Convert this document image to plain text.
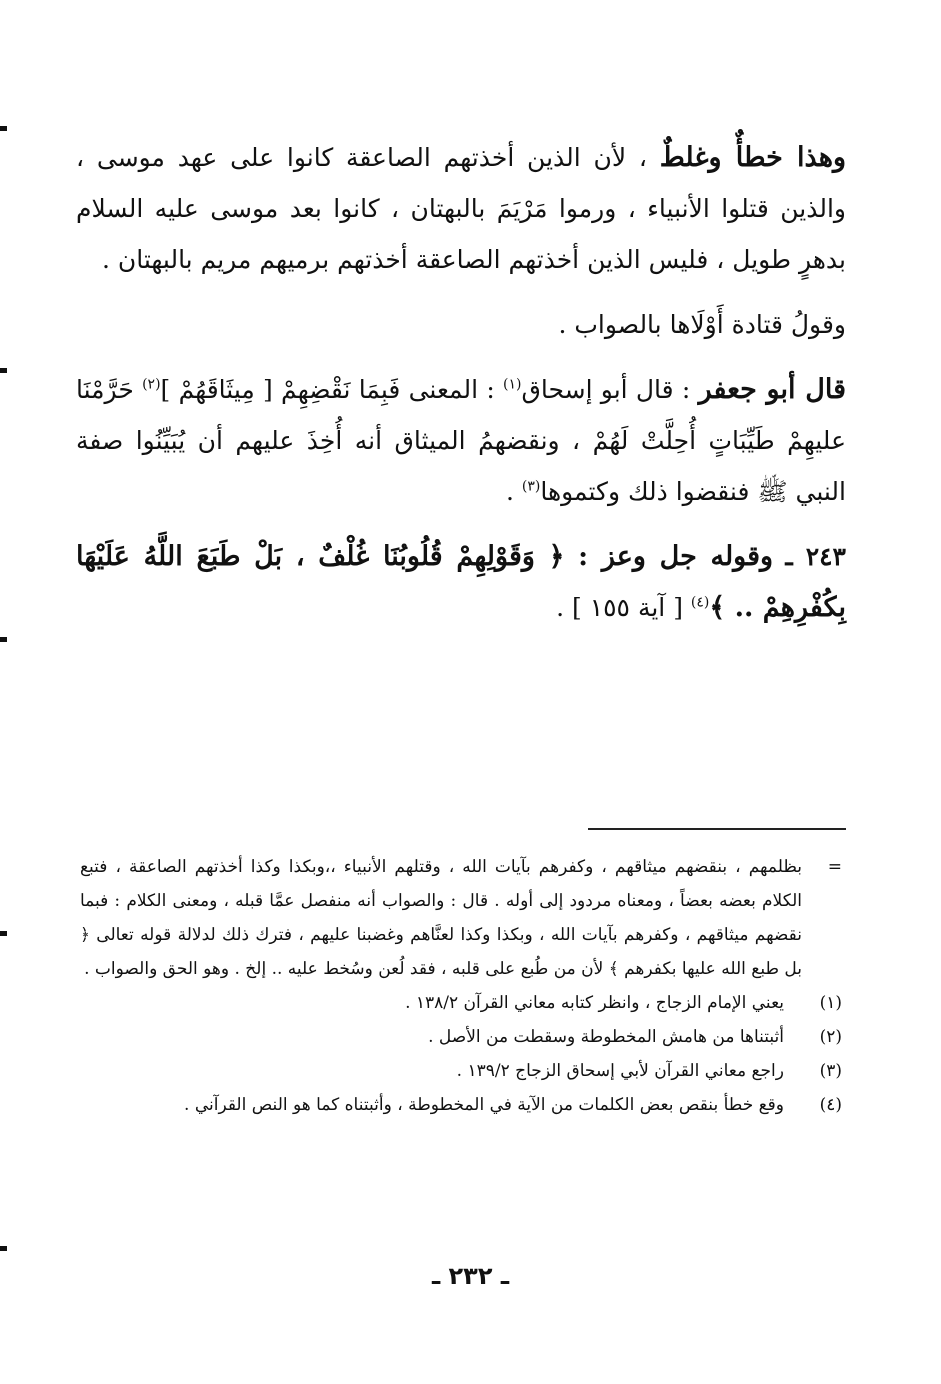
وهذا خطأٌ وغلطٌ ، لأن الذين أخذتهم الصاعقة كانوا على عهد موسى ، والذين قتلوا الأنبياء ، ورموا مَرْيَمَ بالبهتان ، كانوا بعد موسى عليه السلام بدهرٍ طويل ، فليس الذين أخذتهم الصاعقة أخذتهم برميهم مريم بالبهتان .

وقولُ قتادة أَوْلَاها بالصواب .

قال أبو جعفر : قال أبو إسحاق$^{(١)}$ : المعنى فَبِمَا نَقْضِهِمْ [ مِيثَاقَهُمْ ]$^{(٢)}$ حَرَّمْنَا عليهِمْ طَيِّبَاتٍ أُحِلَّتْ لَهُمْ ، ونقضهمُ الميثاق أنه أُخِذَ عليهم أن يُبَيِّنُوا صفة النبي ﷺ فنقضوا ذلك وكتموها$^{(٣)}$ .

٢٤٣ ـ وقوله جل وعز : ﴿ وَقَوْلِهِمْ قُلُوبُنَا غُلْفٌ ، بَلْ طَبَعَ اللَّهُ عَلَيْهَا بِكُفْرِهِمْ .. ﴾$^{(٤)}$ [ آية ١٥٥ ] .

=
بظلمهم ، بنقضهم ميثاقهم ، وكفرهم بآيات الله ، وقتلهم الأنبياء ،،وبكذا وكذا أخذتهم الصاعقة ، فتبع الكلام بعضه بعضاً ، ومعناه مردود إلى أوله . قال : والصواب أنه منفصل عمَّا قبله ، ومعنى الكلام : فبما نقضهم ميثاقهم ، وكفرهم بآيات الله ، وبكذا وكذا لعنَّاهم وغضبنا عليهم ، فترك ذلك لدلالة قوله تعالى ﴿ بل طبع الله عليها بكفرهم ﴾ لأن من طُبع على قلبه ، فقد لُعن وسُخط عليه .. إلخ . وهو الحق والصواب .
(١)
يعني الإمام الزجاج ، وانظر كتابه معاني القرآن ١٣٨/٢ .
(٢)
أثبتناها من هامش المخطوطة وسقطت من الأصل .
(٣)
راجع معاني القرآن لأبي إسحاق الزجاج ١٣٩/٢ .
(٤)
وقع خطأ بنقص بعض الكلمات من الآية في المخطوطة ، وأثبتناه كما هو النص القرآني .
ـ ٢٣٢ ـ
